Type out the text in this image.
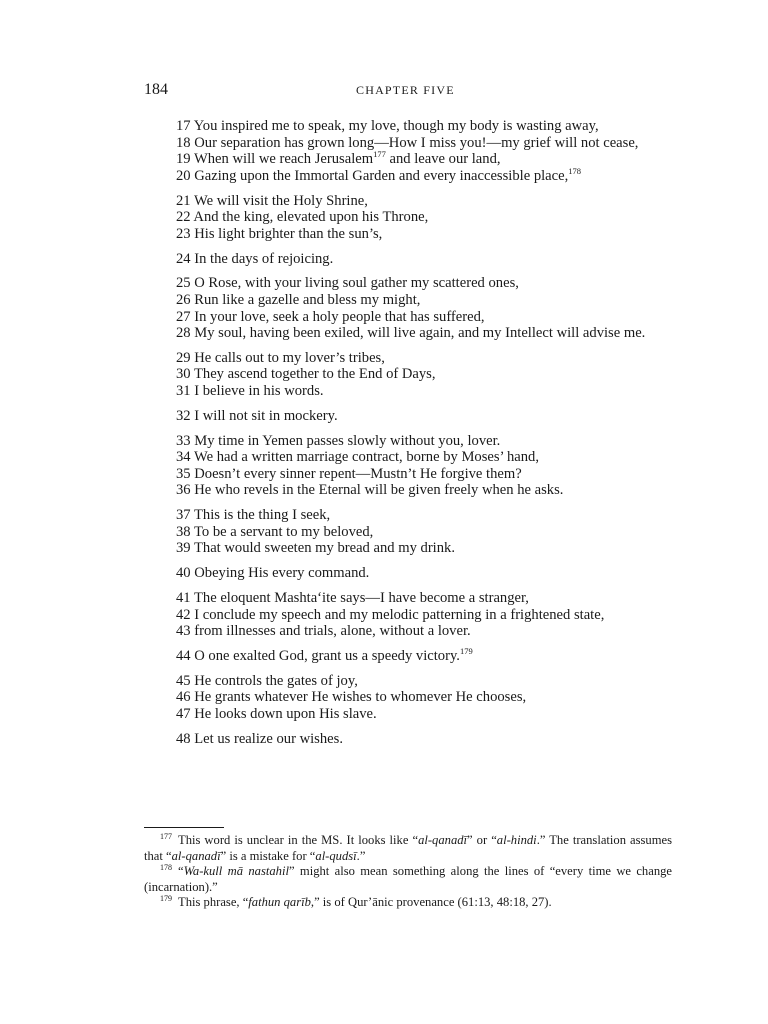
184	CHAPTER FIVE
17 You inspired me to speak, my love, though my body is wasting away,
18 Our separation has grown long—How I miss you!—my grief will not cease,
19 When will we reach Jerusalem$^{177}$ and leave our land,
20 Gazing upon the Immortal Garden and every inaccessible place,$^{178}$
21 We will visit the Holy Shrine,
22 And the king, elevated upon his Throne,
23 His light brighter than the sun’s,
24 In the days of rejoicing.
25 O Rose, with your living soul gather my scattered ones,
26 Run like a gazelle and bless my might,
27 In your love, seek a holy people that has suffered,
28 My soul, having been exiled, will live again, and my Intellect will advise me.
29 He calls out to my lover’s tribes,
30 They ascend together to the End of Days,
31 I believe in his words.
32 I will not sit in mockery.
33 My time in Yemen passes slowly without you, lover.
34 We had a written marriage contract, borne by Moses’ hand,
35 Doesn’t every sinner repent—Mustn’t He forgive them?
36 He who revels in the Eternal will be given freely when he asks.
37 This is the thing I seek,
38 To be a servant to my beloved,
39 That would sweeten my bread and my drink.
40 Obeying His every command.
41 The eloquent Mashta‘ite says—I have become a stranger,
42 I conclude my speech and my melodic patterning in a frightened state,
43 from illnesses and trials, alone, without a lover.
44 O one exalted God, grant us a speedy victory.$^{179}$
45 He controls the gates of joy,
46 He grants whatever He wishes to whomever He chooses,
47 He looks down upon His slave.
48 Let us realize our wishes.
$^{177}$ This word is unclear in the MS. It looks like “al-qanadī” or “al-hindi.” The translation assumes that “al-qanadī” is a mistake for “al-qudsī.”
$^{178}$ “Wa-kull mā nastahil” might also mean something along the lines of “every time we change (incarnation).”
$^{179}$ This phrase, “fathun qarīb,” is of Qur’ānic provenance (61:13, 48:18, 27).
